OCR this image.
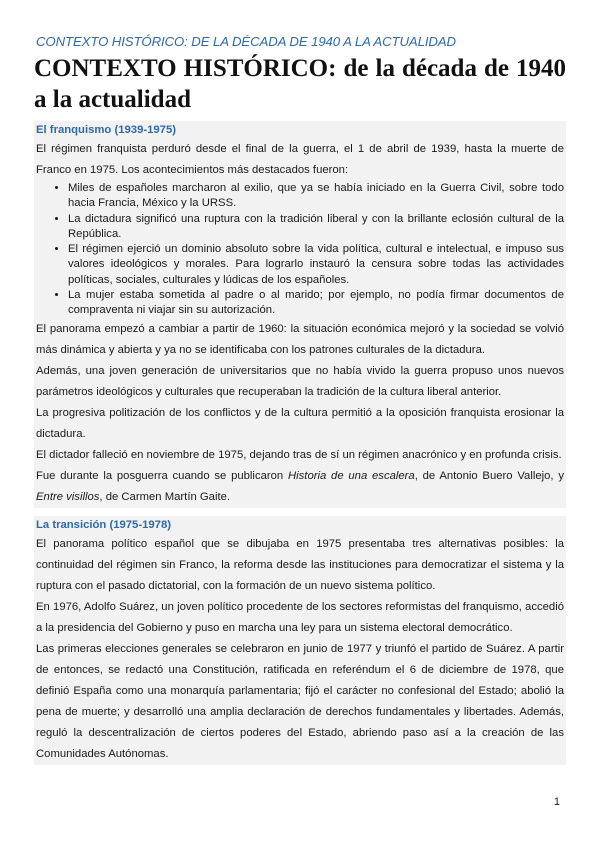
CONTEXTO HISTÓRICO: DE LA DÉCADA DE 1940 A LA ACTUALIDAD
CONTEXTO HISTÓRICO: de la década de 1940 a la actualidad
El franquismo (1939-1975)

El régimen franquista perduró desde el final de la guerra, el 1 de abril de 1939, hasta la muerte de Franco en 1975. Los acontecimientos más destacados fueron:

• Miles de españoles marcharon al exilio, que ya se había iniciado en la Guerra Civil, sobre todo hacia Francia, México y la URSS.
• La dictadura significó una ruptura con la tradición liberal y con la brillante eclosión cultural de la República.
• El régimen ejerció un dominio absoluto sobre la vida política, cultural e intelectual, e impuso sus valores ideológicos y morales. Para lograrlo instauró la censura sobre todas las actividades políticas, sociales, culturales y lúdicas de los españoles.
• La mujer estaba sometida al padre o al marido; por ejemplo, no podía firmar documentos de compraventa ni viajar sin su autorización.

El panorama empezó a cambiar a partir de 1960: la situación económica mejoró y la sociedad se volvió más dinámica y abierta y ya no se identificaba con los patrones culturales de la dictadura.

Además, una joven generación de universitarios que no había vivido la guerra propuso unos nuevos parámetros ideológicos y culturales que recuperaban la tradición de la cultura liberal anterior.

La progresiva politización de los conflictos y de la cultura permitió a la oposición franquista erosionar la dictadura.

El dictador falleció en noviembre de 1975, dejando tras de sí un régimen anacrónico y en profunda crisis.

Fue durante la posguerra cuando se publicaron Historia de una escalera, de Antonio Buero Vallejo, y Entre visillos, de Carmen Martín Gaite.

La transición (1975-1978)

El panorama político español que se dibujaba en 1975 presentaba tres alternativas posibles: la continuidad del régimen sin Franco, la reforma desde las instituciones para democratizar el sistema y la ruptura con el pasado dictatorial, con la formación de un nuevo sistema político.

En 1976, Adolfo Suárez, un joven político procedente de los sectores reformistas del franquismo, accedió a la presidencia del Gobierno y puso en marcha una ley para un sistema electoral democrático.

Las primeras elecciones generales se celebraron en junio de 1977 y triunfó el partido de Suárez. A partir de entonces, se redactó una Constitución, ratificada en referéndum el 6 de diciembre de 1978, que definió España como una monarquía parlamentaria; fijó el carácter no confesional del Estado; abolió la pena de muerte; y desarrolló una amplia declaración de derechos fundamentales y libertades. Además, reguló la descentralización de ciertos poderes del Estado, abriendo paso así a la creación de las Comunidades Autónomas.

1
